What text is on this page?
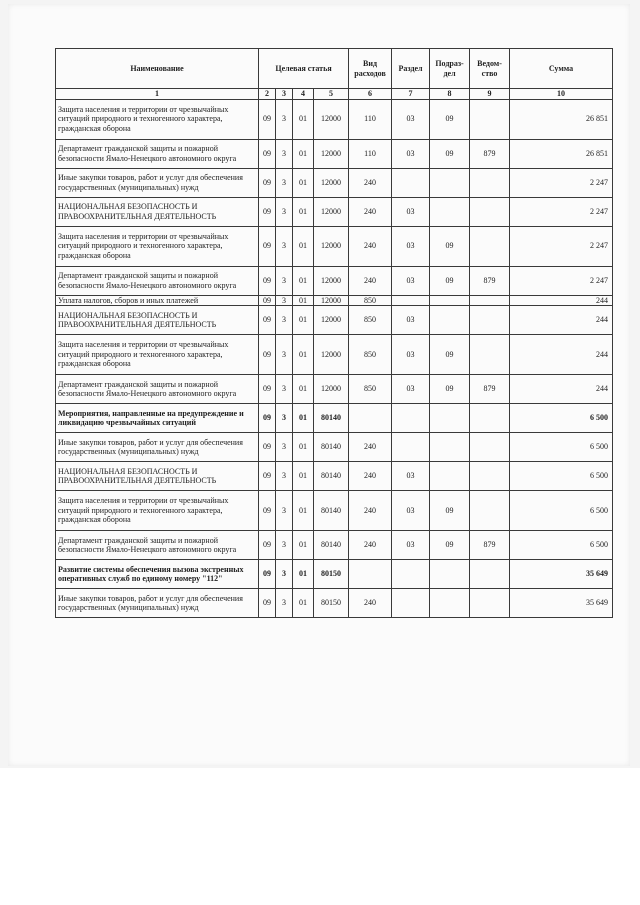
Наименование	Целевая статья				Вид расходов	Раздел	Подраз- дел	Ведом- ство	Сумма
1	2	3	4	5	6	7	8	9	10
Защита населения и территории от чрезвычайных ситуаций природного и техногенного характера, гражданская оборона	09	3	01	12000	110	03	09		26 851
Департамент гражданской защиты и пожарной безопасности Ямало-Ненецкого автономного округа	09	3	01	12000	110	03	09	879	26 851
Иные закупки товаров, работ и услуг для обеспечения государственных (муниципальных) нужд	09	3	01	12000	240				2 247
НАЦИОНАЛЬНАЯ БЕЗОПАСНОСТЬ И ПРАВООХРАНИТЕЛЬНАЯ ДЕЯТЕЛЬНОСТЬ	09	3	01	12000	240	03			2 247
Защита населения и территории от чрезвычайных ситуаций природного и техногенного характера, гражданская оборона	09	3	01	12000	240	03	09		2 247
Департамент гражданской защиты и пожарной безопасности Ямало-Ненецкого автономного округа	09	3	01	12000	240	03	09	879	2 247
Уплата налогов, сборов и иных платежей	09	3	01	12000	850				244
НАЦИОНАЛЬНАЯ БЕЗОПАСНОСТЬ И ПРАВООХРАНИТЕЛЬНАЯ ДЕЯТЕЛЬНОСТЬ	09	3	01	12000	850	03			244
Защита населения и территории от чрезвычайных ситуаций природного и техногенного характера, гражданская оборона	09	3	01	12000	850	03	09		244
Департамент гражданской защиты и пожарной безопасности Ямало-Ненецкого автономного округа	09	3	01	12000	850	03	09	879	244
Мероприятия, направленные на предупреждение и ликвидацию чрезвычайных ситуаций	09	3	01	80140					6 500
Иные закупки товаров, работ и услуг для обеспечения государственных (муниципальных) нужд	09	3	01	80140	240				6 500
НАЦИОНАЛЬНАЯ БЕЗОПАСНОСТЬ И ПРАВООХРАНИТЕЛЬНАЯ ДЕЯТЕЛЬНОСТЬ	09	3	01	80140	240	03			6 500
Защита населения и территории от чрезвычайных ситуаций природного и техногенного характера, гражданская оборона	09	3	01	80140	240	03	09		6 500
Департамент гражданской защиты и пожарной безопасности Ямало-Ненецкого автономного округа	09	3	01	80140	240	03	09	879	6 500
Развитие системы обеспечения вызова экстренных оперативных служб по единому номеру "112"	09	3	01	80150					35 649
Иные закупки товаров, работ и услуг для обеспечения государственных (муниципальных) нужд	09	3	01	80150	240				35 649
